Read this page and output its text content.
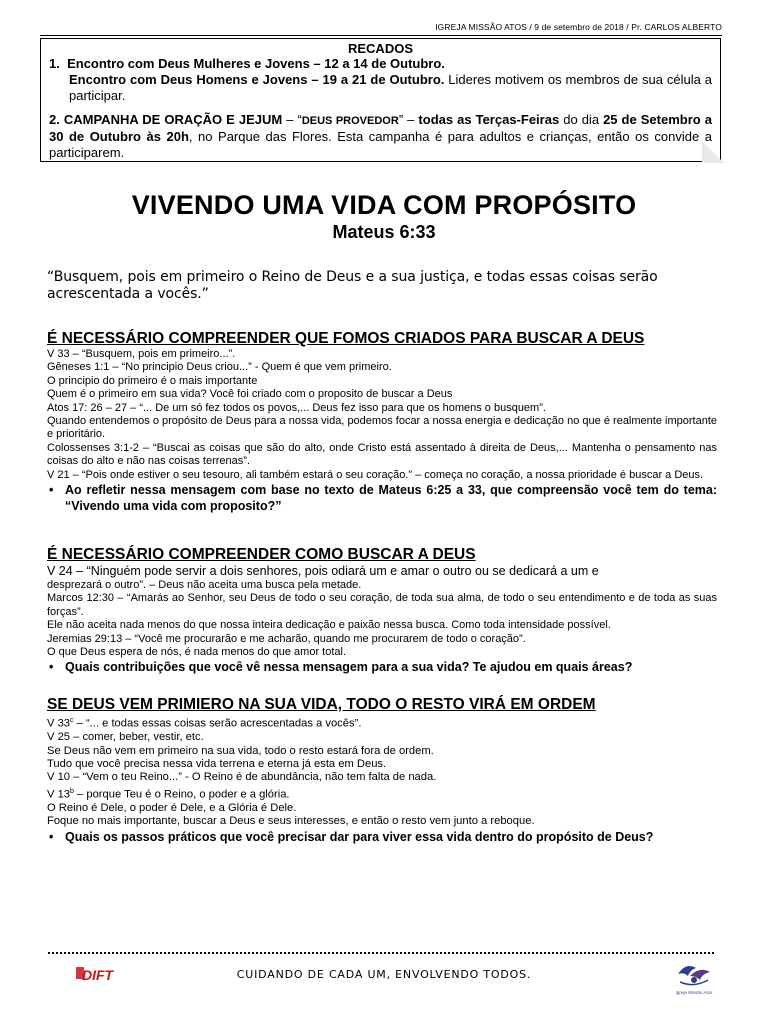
IGREJA MISSÃO ATOS / 9 de setembro de 2018 / Pr. CARLOS ALBERTO
RECADOS

1. Encontro com Deus Mulheres e Jovens – 12 a 14 de Outubro.

Encontro com Deus Homens e Jovens – 19 a 21 de Outubro. Lideres motivem os membros de sua célula a participar.

2. CAMPANHA DE ORAÇÃO E JEJUM – “DEUS PROVEDOR” – todas as Terças-Feiras do dia 25 de Setembro a 30 de Outubro às 20h, no Parque das Flores. Esta campanha é para adultos e crianças, então os convide a participarem.

VIVENDO UMA VIDA COM PROPÓSITO
Mateus 6:33
“Busquem, pois em primeiro o Reino de Deus e a sua justiça, e todas essas coisas serão acrescentada a vocês.”
É NECESSÁRIO COMPREENDER QUE FOMOS CRIADOS PARA BUSCAR A DEUS
V 33 – “Busquem, pois em primeiro...”.
Gêneses 1:1 – “No principio Deus criou...” - Quem é que vem primeiro.
O principio do primeiro é o mais importante
Quem é o primeiro em sua vida? Você foi criado com o proposito de buscar a Deus
Atos 17: 26 – 27 – “... De um só fez todos os povos,... Deus fez isso para que os homens o busquem”.
Quando entendemos o propósito de Deus para a nossa vida, podemos focar a nossa energia e dedicação no que é realmente importante e prioritário.
Colossenses 3:1-2 – “Buscai as coisas que são do alto, onde Cristo está assentado à direita de Deus,... Mantenha o pensamento nas coisas do alto e não nas coisas terrenas”.
V 21 – “Pois onde estiver o seu tesouro, ali também estará o seu coração.” – começa no coração, a nossa prioridade é buscar a Deus.
• Ao refletir nessa mensagem com base no texto de Mateus 6:25 a 33, que compreensão você tem do tema: “Vivendo uma vida com proposito?”
É NECESSÁRIO COMPREENDER COMO BUSCAR A DEUS
V 24 – “Ninguém pode servir a dois senhores, pois odiará um e amar o outro ou se dedicará a um e
desprezará o outro”. – Deus não aceita uma busca pela metade.
Marcos 12:30 – “Amarás ao Senhor, seu Deus de todo o seu coração, de toda sua alma, de todo o seu entendimento e de toda as suas forças”.
Ele não aceita nada menos do que nossa inteira dedicação e paixão nessa busca. Como toda intensidade possível.
Jeremias 29:13 – “Você me procurarão e me acharão, quando me procurarem de todo o coração”.
O que Deus espera de nós, é nada menos do que amor total.
• Quais contribuições que você vê nessa mensagem para a sua vida? Te ajudou em quais áreas?
SE DEUS VEM PRIMIERO NA SUA VIDA, TODO O RESTO VIRÁ EM ORDEM
V 33$^c$ – “... e todas essas coisas serão acrescentadas a vocês”.
V 25 – comer, beber, vestir, etc.
Se Deus não vem em primeiro na sua vida, todo o resto estará fora de ordem.
Tudo que você precisa nessa vida terrena e eterna já esta em Deus.
V 10 – “Vem o teu Reino...” - O Reino é de abundância, não tem falta de nada.
V 13$^b$ – porque Teu é o Reino, o poder e a glória.
O Reino é Dele, o poder é Dele, e a Glória é Dele.
Foque no mais importante, buscar a Deus e seus interesses, e então o resto vem junto a reboque.
• Quais os passos práticos que você precisar dar para viver essa vida dentro do propósito de Deus?
DIFT	CUIDANDO DE CADA UM, ENVOLVENDO TODOS.
Igreja Missão Atos
